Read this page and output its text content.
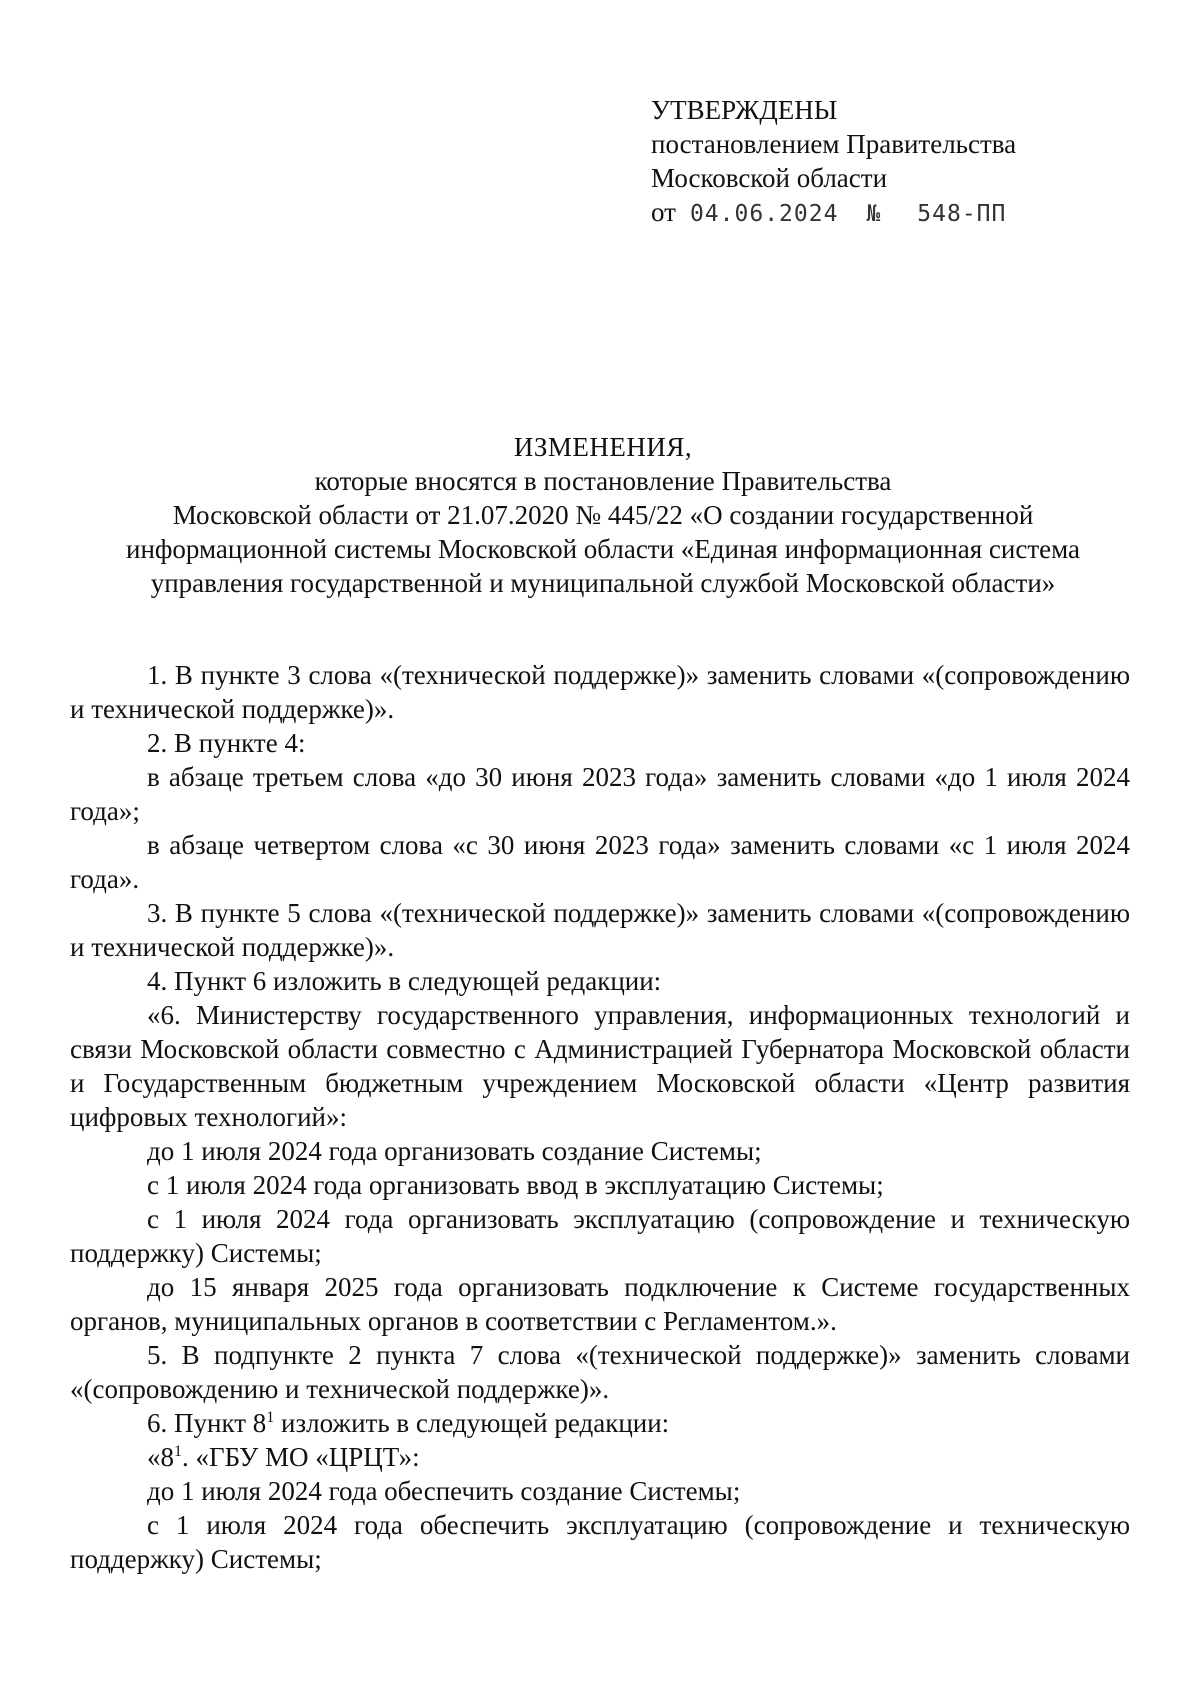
УТВЕРЖДЕНЫ
постановлением Правительства
Московской области
от 04.06.2024 № 548-ПП
ИЗМЕНЕНИЯ,
которые вносятся в постановление Правительства
Московской области от 21.07.2020 № 445/22 «О создании государственной
информационной системы Московской области «Единая информационная система
управления государственной и муниципальной службой Московской области»

1. В пункте 3 слова «(технической поддержке)» заменить словами «(сопровождению и технической поддержке)».

2. В пункте 4:

в абзаце третьем слова «до 30 июня 2023 года» заменить словами «до 1 июля 2024 года»;

в абзаце четвертом слова «с 30 июня 2023 года» заменить словами «с 1 июля 2024 года».

3. В пункте 5 слова «(технической поддержке)» заменить словами «(сопровождению и технической поддержке)».

4. Пункт 6 изложить в следующей редакции:

«6. Министерству государственного управления, информационных технологий и связи Московской области совместно с Администрацией Губернатора Московской области и Государственным бюджетным учреждением Московской области «Центр развития цифровых технологий»:

до 1 июля 2024 года организовать создание Системы;

с 1 июля 2024 года организовать ввод в эксплуатацию Системы;

с 1 июля 2024 года организовать эксплуатацию (сопровождение и техническую поддержку) Системы;

до 15 января 2025 года организовать подключение к Системе государственных органов, муниципальных органов в соответствии с Регламентом.».

5. В подпункте 2 пункта 7 слова «(технической поддержке)» заменить словами «(сопровождению и технической поддержке)».

6. Пункт $8^1$ изложить в следующей редакции:

«$8^1$. «ГБУ МО «ЦРЦТ»:

до 1 июля 2024 года обеспечить создание Системы;

с 1 июля 2024 года обеспечить эксплуатацию (сопровождение и техническую поддержку) Системы;
